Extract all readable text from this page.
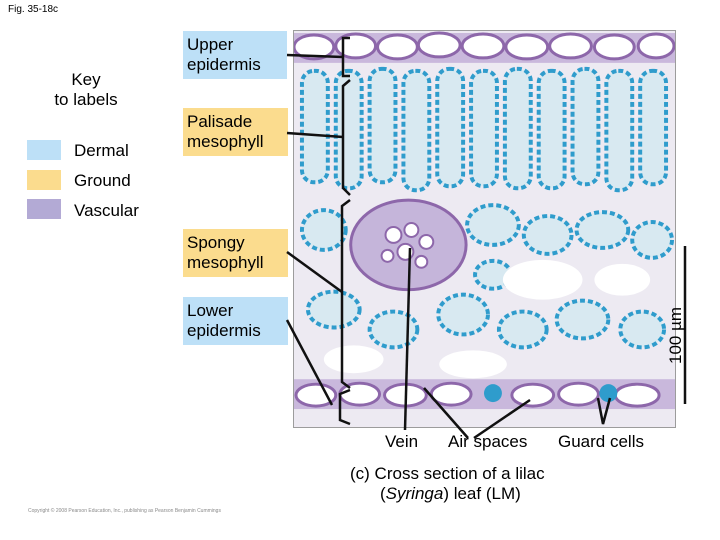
Fig. 35-18c
Key
to labels
Dermal
Ground
Vascular
Upper
epidermis
Palisade
mesophyll
Spongy
mesophyll
Lower
epidermis	100 µm
Vein Air spaces Guard cells
(c) Cross section of a lilac
(Syringa) leaf (LM)
Copyright © 2008 Pearson Education, Inc., publishing as Pearson Benjamin Cummings
